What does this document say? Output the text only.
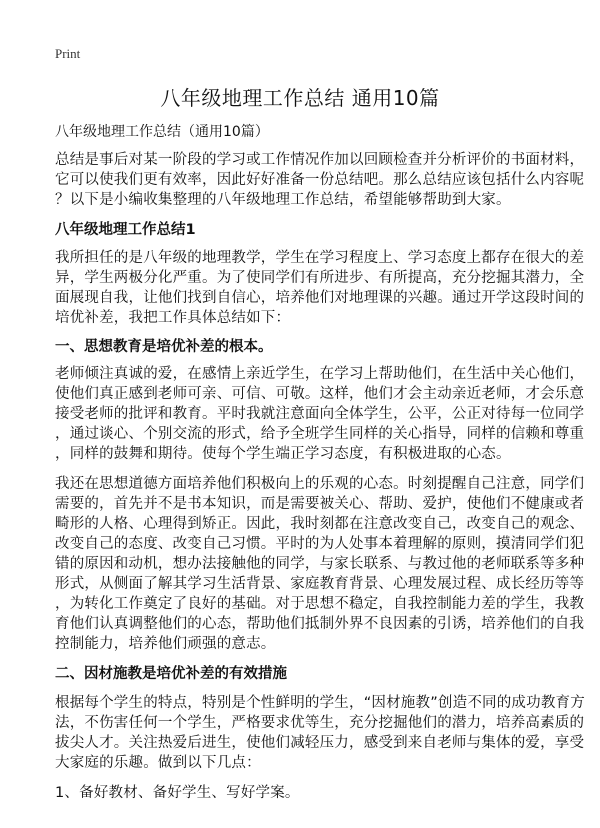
Print
八年级地理工作总结 通用10篇
八年级地理工作总结（通用10篇）
总结是事后对某一阶段的学习或工作情况作加以回顾检查并分析评价的书面材料，
它可以使我们更有效率，因此好好准备一份总结吧。那么总结应该包括什么内容呢
？以下是小编收集整理的八年级地理工作总结，希望能够帮助到大家。
八年级地理工作总结1
我所担任的是八年级的地理教学，学生在学习程度上、学习态度上都存在很大的差
异，学生两极分化严重。为了使同学们有所进步、有所提高，充分挖掘其潜力，全
面展现自我，让他们找到自信心，培养他们对地理课的兴趣。通过开学这段时间的
培优补差，我把工作具体总结如下：
一、思想教育是培优补差的根本。
老师倾注真诚的爱，在感情上亲近学生，在学习上帮助他们，在生活中关心他们，
使他们真正感到老师可亲、可信、可敬。这样，他们才会主动亲近老师，才会乐意
接受老师的批评和教育。平时我就注意面向全体学生，公平，公正对待每一位同学
，通过谈心、个别交流的形式，给予全班学生同样的关心指导，同样的信赖和尊重
，同样的鼓舞和期待。使每个学生端正学习态度，有积极进取的心态。
我还在思想道德方面培养他们积极向上的乐观的心态。时刻提醒自己注意，同学们
需要的，首先并不是书本知识，而是需要被关心、帮助、爱护，使他们不健康或者
畸形的人格、心理得到矫正。因此，我时刻都在注意改变自己，改变自己的观念、
改变自己的态度、改变自己习惯。平时的为人处事本着理解的原则，摸清同学们犯
错的原因和动机，想办法接触他的同学，与家长联系、与教过他的老师联系等多种
形式，从侧面了解其学习生活背景、家庭教育背景、心理发展过程、成长经历等等
，为转化工作奠定了良好的基础。对于思想不稳定，自我控制能力差的学生，我教
育他们认真调整他们的心态，帮助他们抵制外界不良因素的引诱，培养他们的自我
控制能力，培养他们顽强的意志。
二、因材施教是培优补差的有效措施
根据每个学生的特点，特别是个性鲜明的学生，“因材施教”创造不同的成功教育方
法，不伤害任何一个学生，严格要求优等生，充分挖掘他们的潜力，培养高素质的
拔尖人才。关注热爱后进生，使他们减轻压力，感受到来自老师与集体的爱，享受
大家庭的乐趣。做到以下几点：
1、备好教材、备好学生、写好学案。
